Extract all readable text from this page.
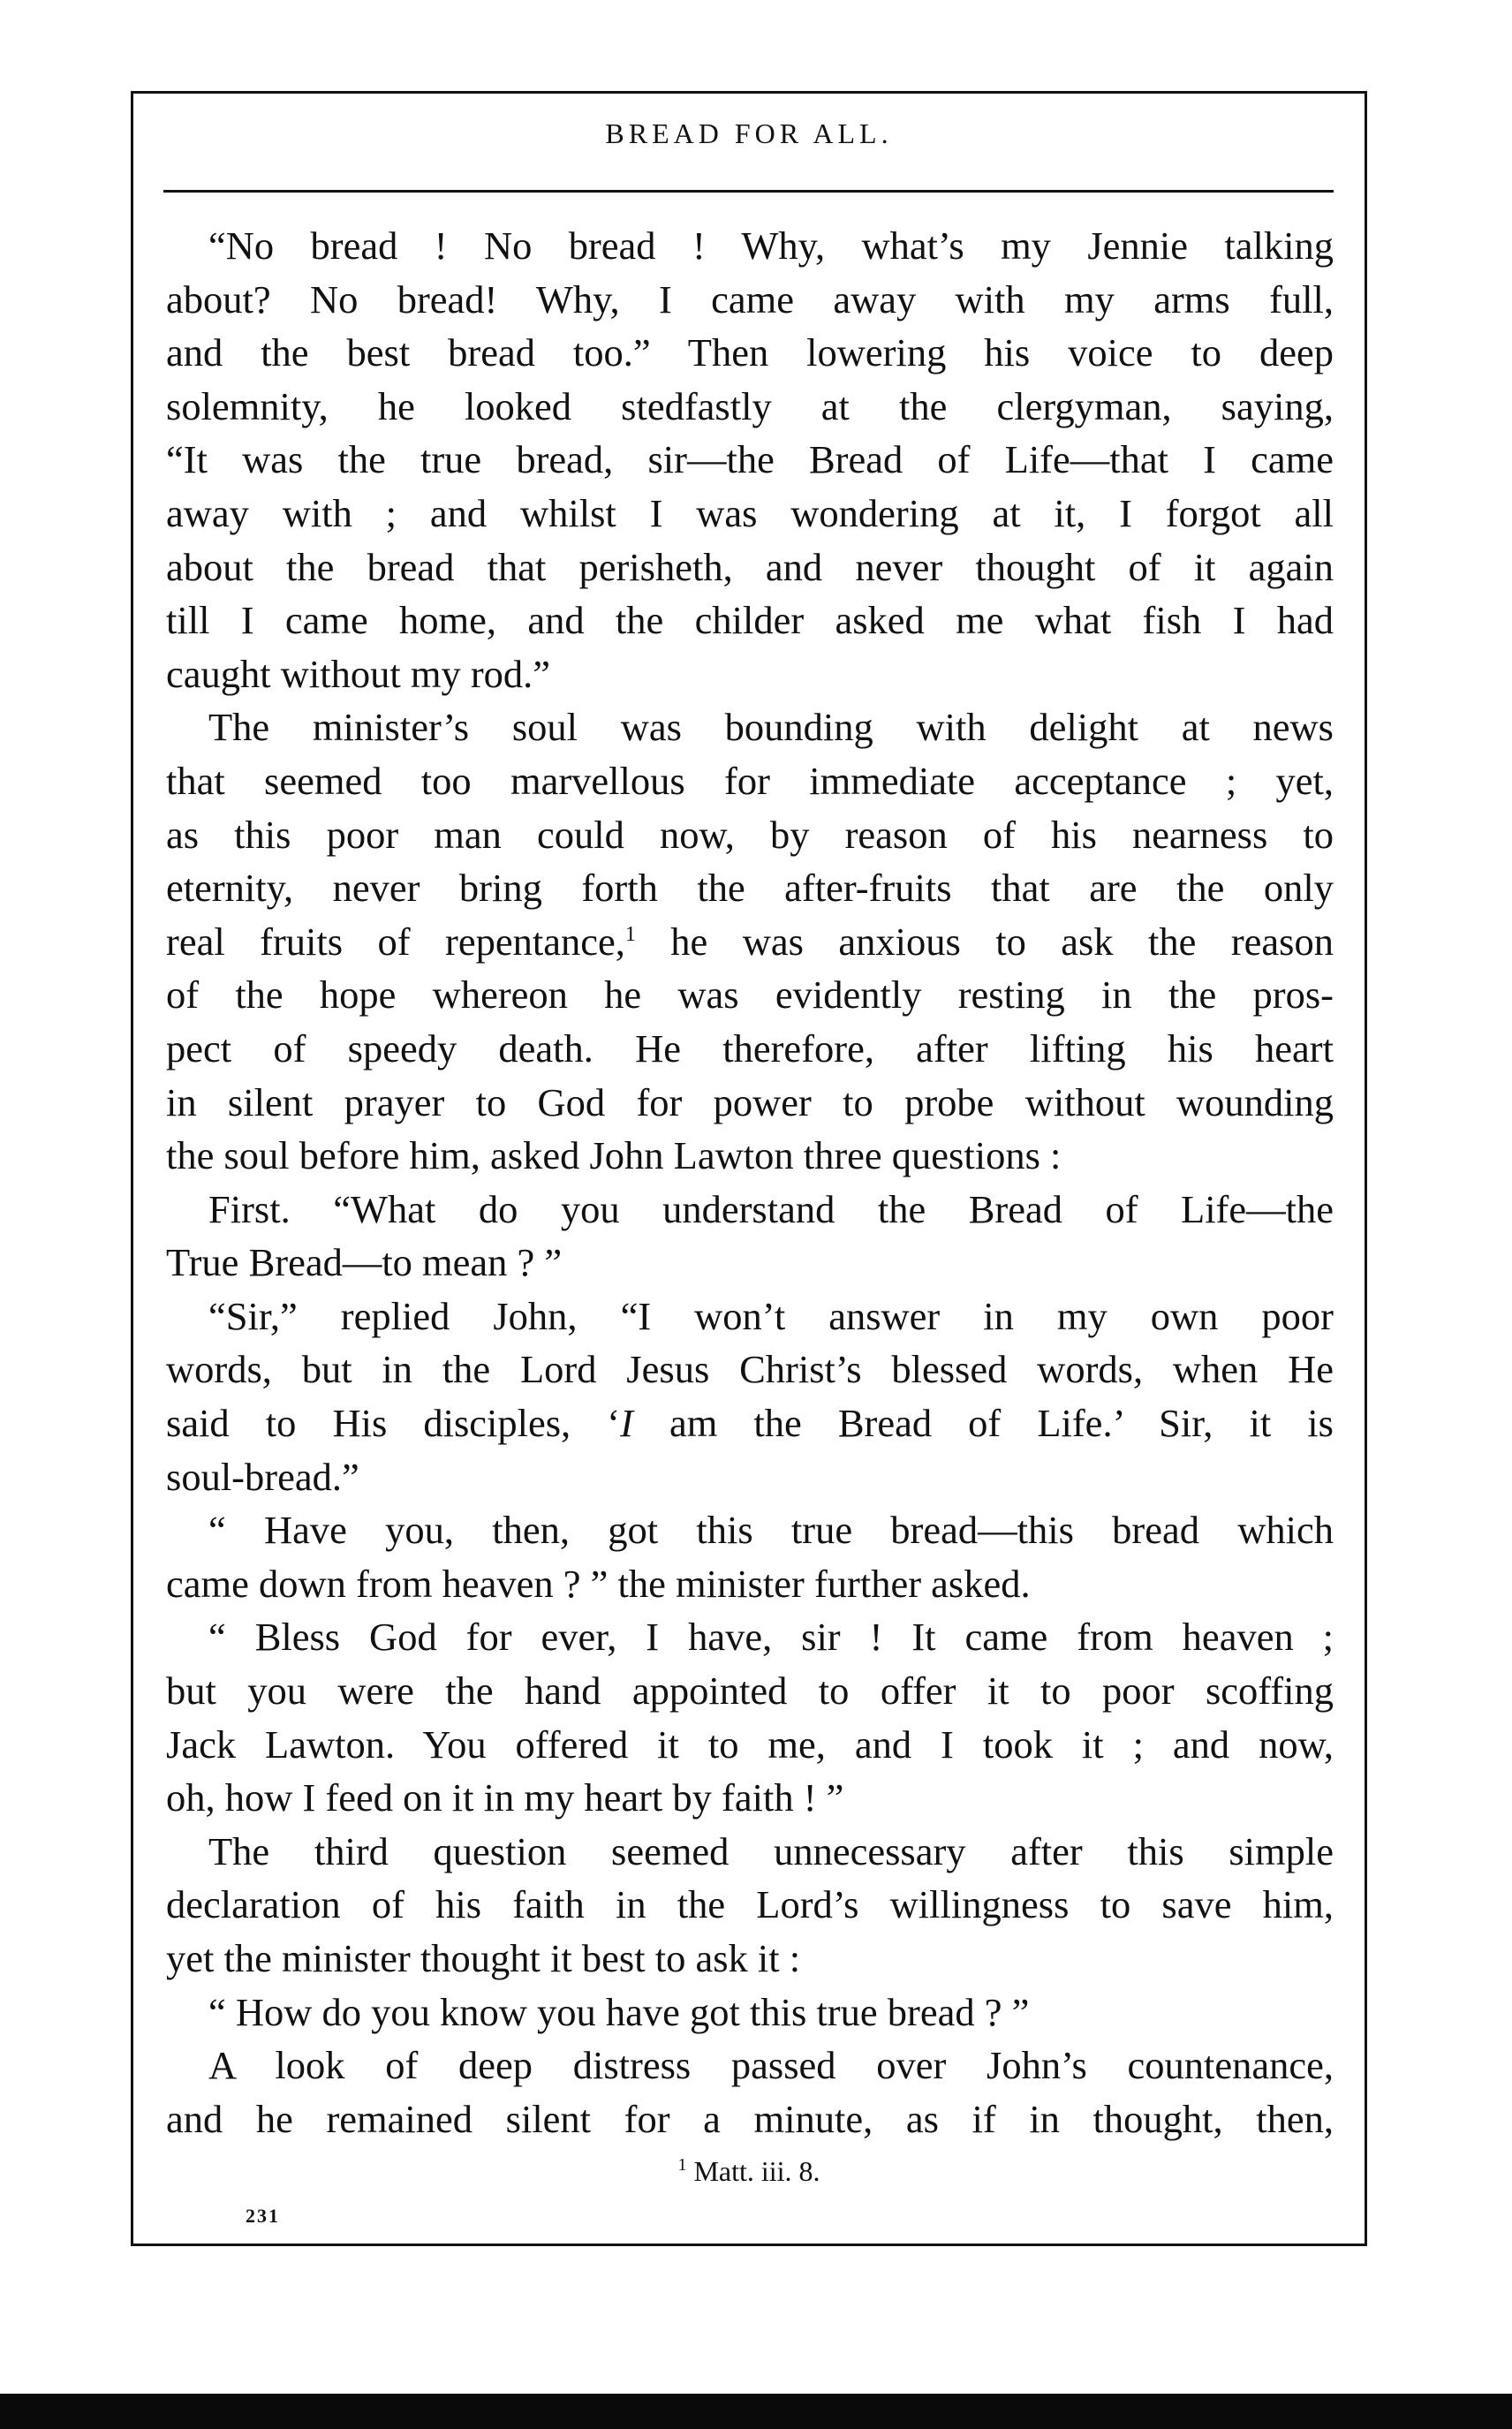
BREAD FOR ALL.
“No bread ! No bread ! Why, what’s my Jennie talking
about? No bread! Why, I came away with my arms full,
and the best bread too.” Then lowering his voice to deep
solemnity, he looked stedfastly at the clergyman, saying,
“It was the true bread, sir—the Bread of Life—that I came
away with ; and whilst I was wondering at it, I forgot all
about the bread that perisheth, and never thought of it again
till I came home, and the childer asked me what fish I had
caught without my rod.”
The minister’s soul was bounding with delight at news
that seemed too marvellous for immediate acceptance ; yet,
as this poor man could now, by reason of his nearness to
eternity, never bring forth the after-fruits that are the only
real fruits of repentance,$^1$ he was anxious to ask the reason
of the hope whereon he was evidently resting in the pros-
pect of speedy death. He therefore, after lifting his heart
in silent prayer to God for power to probe without wounding
the soul before him, asked John Lawton three questions :
First. “What do you understand the Bread of Life—the
True Bread—to mean ? ”
“Sir,” replied John, “I won’t answer in my own poor
words, but in the Lord Jesus Christ’s blessed words, when He
said to His disciples, ‘I am the Bread of Life.’ Sir, it is
soul-bread.”
“ Have you, then, got this true bread—this bread which
came down from heaven ? ” the minister further asked.
“ Bless God for ever, I have, sir ! It came from heaven ;
but you were the hand appointed to offer it to poor scoffing
Jack Lawton. You offered it to me, and I took it ; and now,
oh, how I feed on it in my heart by faith ! ”
The third question seemed unnecessary after this simple
declaration of his faith in the Lord’s willingness to save him,
yet the minister thought it best to ask it :
“ How do you know you have got this true bread ? ”
A look of deep distress passed over John’s countenance,
and he remained silent for a minute, as if in thought, then,
$^1$ Matt. iii. 8.
231
